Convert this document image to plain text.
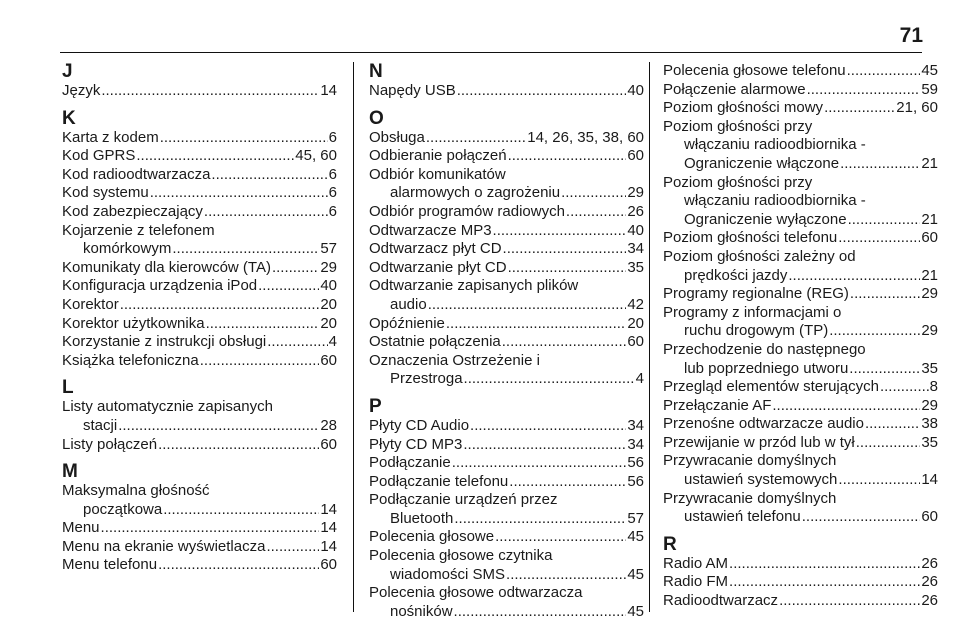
71
J
Język .....	14
K
Karta z kodem .....	6
Kod GPRS .....	45, 60
Kod radioodtwarzacza .....	6
Kod systemu .....	6
Kod zabezpieczający .....	6
Kojarzenie z telefonem
komórkowym .....	57
Komunikaty dla kierowców (TA) .....	29
Konfiguracja urządzenia iPod .....	40
Korektor .....	20
Korektor użytkownika .....	20
Korzystanie z instrukcji obsługi .....	4
Książka telefoniczna .....	60
L
Listy automatycznie zapisanych
stacji .....	28
Listy połączeń .....	60
M
Maksymalna głośność
początkowa .....	14
Menu .....	14
Menu na ekranie wyświetlacza .....	14
Menu telefonu .....	60
N
Napędy USB .....	40
O
Obsługa .....	14, 26, 35, 38, 60
Odbieranie połączeń .....	60
Odbiór komunikatów
alarmowych o zagrożeniu .....	29
Odbiór programów radiowych .....	26
Odtwarzacze MP3 .....	40
Odtwarzacz płyt CD .....	34
Odtwarzanie płyt CD .....	35
Odtwarzanie zapisanych plików
audio .....	42
Opóźnienie .....	20
Ostatnie połączenia .....	60
Oznaczenia Ostrzeżenie i
Przestroga .....	4
P
Płyty CD Audio .....	34
Płyty CD MP3 .....	34
Podłączanie .....	56
Podłączanie telefonu .....	56
Podłączanie urządzeń przez
Bluetooth .....	57
Polecenia głosowe .....	45
Polecenia głosowe czytnika
wiadomości SMS .....	45
Polecenia głosowe odtwarzacza
nośników .....	45
Polecenia głosowe telefonu .....	45
Połączenie alarmowe .....	59
Poziom głośności mowy .....	21, 60
Poziom głośności przy
włączaniu radioodbiornika -
Ograniczenie włączone .....	21
Poziom głośności przy
włączaniu radioodbiornika -
Ograniczenie wyłączone .....	21
Poziom głośności telefonu .....	60
Poziom głośności zależny od
prędkości jazdy .....	21
Programy regionalne (REG) .....	29
Programy z informacjami o
ruchu drogowym (TP) .....	29
Przechodzenie do następnego
lub poprzedniego utworu .....	35
Przegląd elementów sterujących .....	8
Przełączanie AF .....	29
Przenośne odtwarzacze audio .....	38
Przewijanie w przód lub w tył .....	35
Przywracanie domyślnych
ustawień systemowych .....	14
Przywracanie domyślnych
ustawień telefonu .....	60
R
Radio AM .....	26
Radio FM .....	26
Radioodtwarzacz .....	26
